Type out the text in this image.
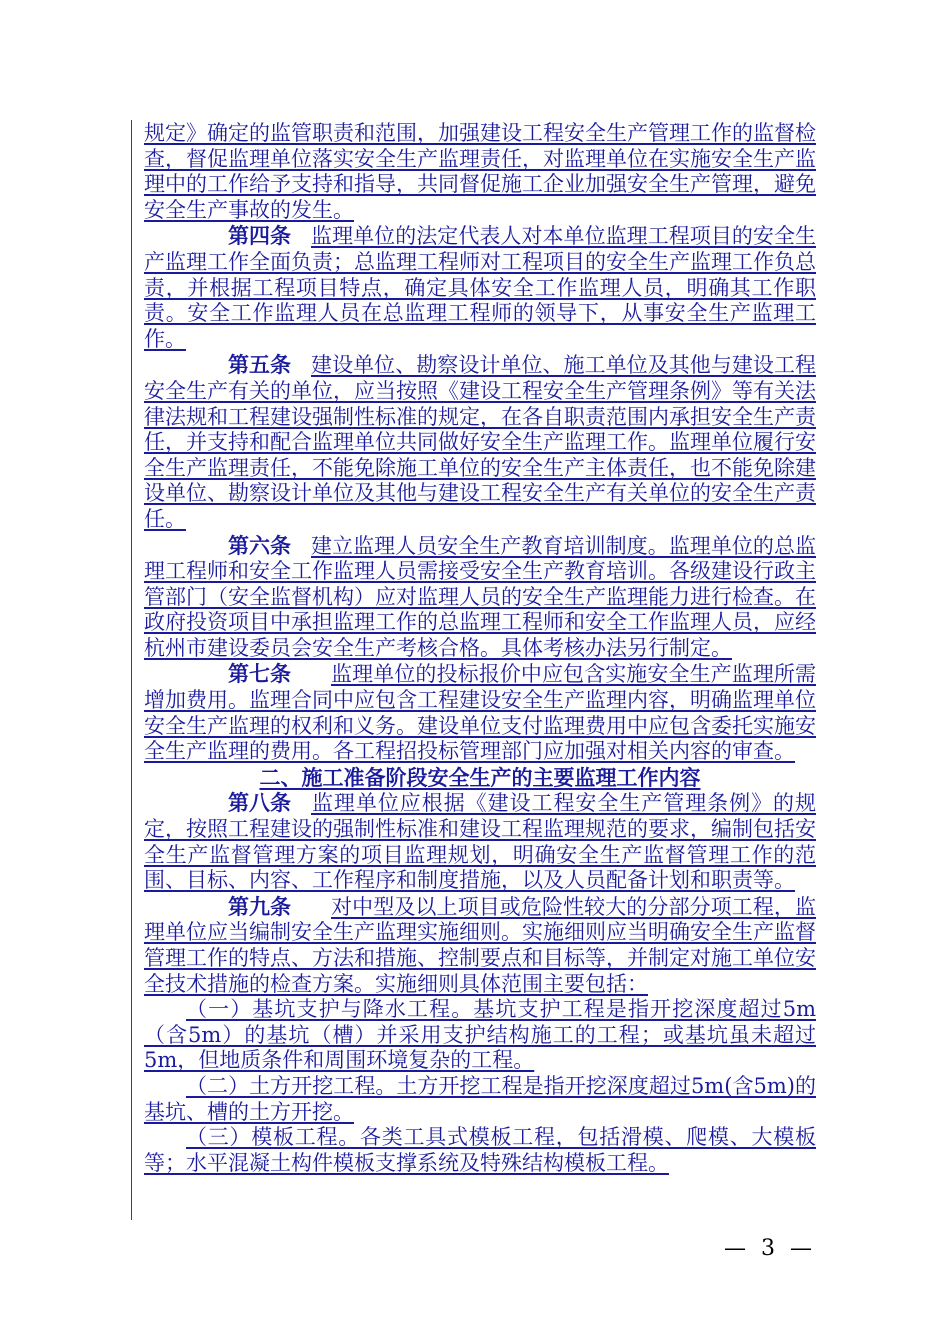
规定》确定的监管职责和范围，加强建设工程安全生产管理工作的监督检查，督促监理单位落实安全生产监理责任，对监理单位在实施安全生产监理中的工作给予支持和指导，共同督促施工企业加强安全生产管理，避免安全生产事故的发生。

第四条 监理单位的法定代表人对本单位监理工程项目的安全生产监理工作全面负责；总监理工程师对工程项目的安全生产监理工作负总责，并根据工程项目特点，确定具体安全工作监理人员，明确其工作职责。安全工作监理人员在总监理工程师的领导下，从事安全生产监理工作。

第五条 建设单位、勘察设计单位、施工单位及其他与建设工程安全生产有关的单位，应当按照《建设工程安全生产管理条例》等有关法律法规和工程建设强制性标准的规定，在各自职责范围内承担安全生产责任，并支持和配合监理单位共同做好安全生产监理工作。监理单位履行安全生产监理责任，不能免除施工单位的安全生产主体责任，也不能免除建设单位、勘察设计单位及其他与建设工程安全生产有关单位的安全生产责任。

第六条 建立监理人员安全生产教育培训制度。监理单位的总监理工程师和安全工作监理人员需接受安全生产教育培训。各级建设行政主管部门（安全监督机构）应对监理人员的安全生产监理能力进行检查。在政府投资项目中承担监理工作的总监理工程师和安全工作监理人员，应经杭州市建设委员会安全生产考核合格。具体考核办法另行制定。

第七条 监理单位的投标报价中应包含实施安全生产监理所需增加费用。监理合同中应包含工程建设安全生产监理内容，明确监理单位安全生产监理的权利和义务。建设单位支付监理费用中应包含委托实施安全生产监理的费用。各工程招投标管理部门应加强对相关内容的审查。

二、施工准备阶段安全生产的主要监理工作内容

第八条 监理单位应根据《建设工程安全生产管理条例》的规定，按照工程建设的强制性标准和建设工程监理规范的要求，编制包括安全生产监督管理方案的项目监理规划，明确安全生产监督管理工作的范围、目标、内容、工作程序和制度措施，以及人员配备计划和职责等。

第九条 对中型及以上项目或危险性较大的分部分项工程，监理单位应当编制安全生产监理实施细则。实施细则应当明确安全生产监督管理工作的特点、方法和措施、控制要点和目标等，并制定对施工单位安全技术措施的检查方案。实施细则具体范围主要包括：

（一）基坑支护与降水工程。基坑支护工程是指开挖深度超过5m（含5m）的基坑（槽）并采用支护结构施工的工程；或基坑虽未超过5m，但地质条件和周围环境复杂的工程。

（二）土方开挖工程。土方开挖工程是指开挖深度超过5m(含5m)的基坑、槽的土方开挖。

（三）模板工程。各类工具式模板工程，包括滑模、爬模、大模板等；水平混凝土构件模板支撑系统及特殊结构模板工程。

— 3 —
